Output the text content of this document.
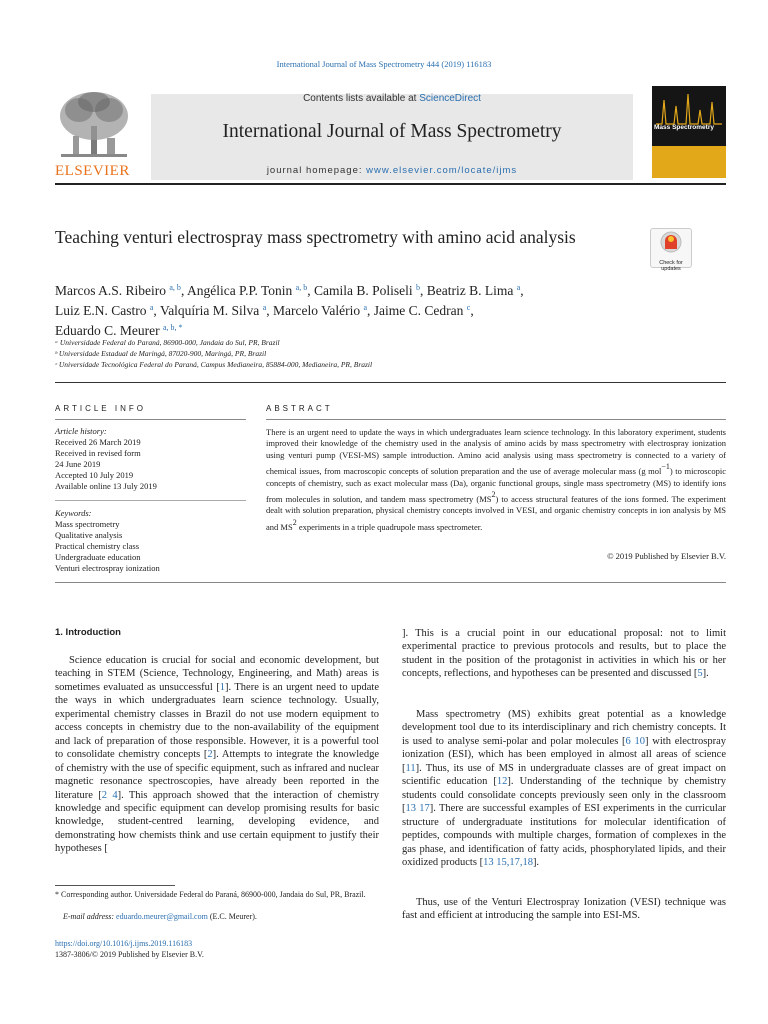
International Journal of Mass Spectrometry 444 (2019) 116183
ELSEVIER
Contents lists available at ScienceDirect
International Journal of Mass Spectrometry
journal homepage: www.elsevier.com/locate/ijms
Mass Spectrometry
Check for updates
Teaching venturi electrospray mass spectrometry with amino acid analysis
Marcos A.S. Ribeiro $^{a, b}$, Angélica P.P. Tonin $^{a, b}$, Camila B. Poliseli $^b$, Beatriz B. Lima $^a$,
Luiz E.N. Castro $^a$, Valquíria M. Silva $^a$, Marcelo Valério $^a$, Jaime C. Cedran $^c$,
Eduardo C. Meurer $^{a, b, *}$
ᵃ Universidade Federal do Paraná, 86900-000, Jandaia do Sul, PR, Brazil
ᵇ Universidade Estadual de Maringá, 87020-900, Maringá, PR, Brazil
ᶜ Universidade Tecnológica Federal do Paraná, Campus Medianeira, 85884-000, Medianeira, PR, Brazil
ARTICLE INFO
Article history:
Received 26 March 2019
Received in revised form
24 June 2019
Accepted 10 July 2019
Available online 13 July 2019
Keywords:
Mass spectrometry
Qualitative analysis
Practical chemistry class
Undergraduate education
Venturi electrospray ionization
ABSTRACT
There is an urgent need to update the ways in which undergraduates learn science technology. In this laboratory experiment, students improved their knowledge of the chemistry used in the analysis of amino acids by mass spectrometry with electrospray ionization using venturi pump (VESI-MS) sample introduction. Amino acid analysis using mass spectrometry is connected to a variety of chemical issues, from macroscopic concepts of solution preparation and the use of average molecular mass (g mol$^{-1}$) to microscopic concepts of chemistry, such as exact molecular mass (Da), organic functional groups, single mass spectrometry (MS) to identify ions from molecules in solution, and tandem mass spectrometry $(MS^2)$ to access structural features of the ions formed. The experiment dealt with solution preparation, physical chemistry concepts involved in VESI, and organic chemistry concepts in ion analysis by MS and $MS^2$ experiments in a triple quadrupole mass spectrometer.
© 2019 Published by Elsevier B.V.
1. Introduction
Science education is crucial for social and economic development, but teaching in STEM (Science, Technology, Engineering, and Math) areas is sometimes evaluated as unsuccessful [1]. There is an urgent need to update the ways in which undergraduates learn science technology. Usually, experimental chemistry classes in Brazil do not use modern equipment to access concepts in chemistry due to the non-availability of the equipment and lack of preparation of those responsible. However, it is a powerful tool to consolidate chemistry concepts [2]. Attempts to integrate the knowledge of chemistry with the use of specific equipment, such as infrared and nuclear magnetic resonance spectroscopies, have already been reported in the literature [2 4]. This approach showed that the interaction of chemistry knowledge and specific equipment can develop promising results for basic knowledge, student-centred learning, developing evidence, and demonstrating how chemists think and use certain equipment to justify their hypotheses [
]. This is a crucial point in our educational proposal: not to limit experimental practice to previous protocols and results, but to place the student in the position of the protagonist in activities in which his or her concepts, reflections, and hypotheses can be presented and discussed [5].
Mass spectrometry (MS) exhibits great potential as a knowledge development tool due to its interdisciplinary and rich chemistry concepts. It is used to analyse semi-polar and polar molecules [6 10] with electrospray ionization (ESI), which has been employed in almost all areas of science [11]. Thus, its use of MS in undergraduate classes are of great impact on scientific education [12]. Understanding of the technique by chemistry students could consolidate concepts previously seen only in the classroom [13 17]. There are successful examples of ESI experiments in the curricular structure of undergraduate institutions for molecular identification of peptides, compounds with multiple charges, formation of complexes in the gas phase, and identification of fatty acids, phosphorylated lipids, and their oxidized products [13 15,17,18].
Thus, use of the Venturi Electrospray Ionization (VESI) technique was fast and efficient at introducing the sample into ESI-MS.
* Corresponding author. Universidade Federal do Paraná, 86900-000, Jandaia do Sul, PR, Brazil.
E-mail address: eduardo.meurer@gmail.com (E.C. Meurer).
https://doi.org/10.1016/j.ijms.2019.116183
1387-3806/© 2019 Published by Elsevier B.V.
